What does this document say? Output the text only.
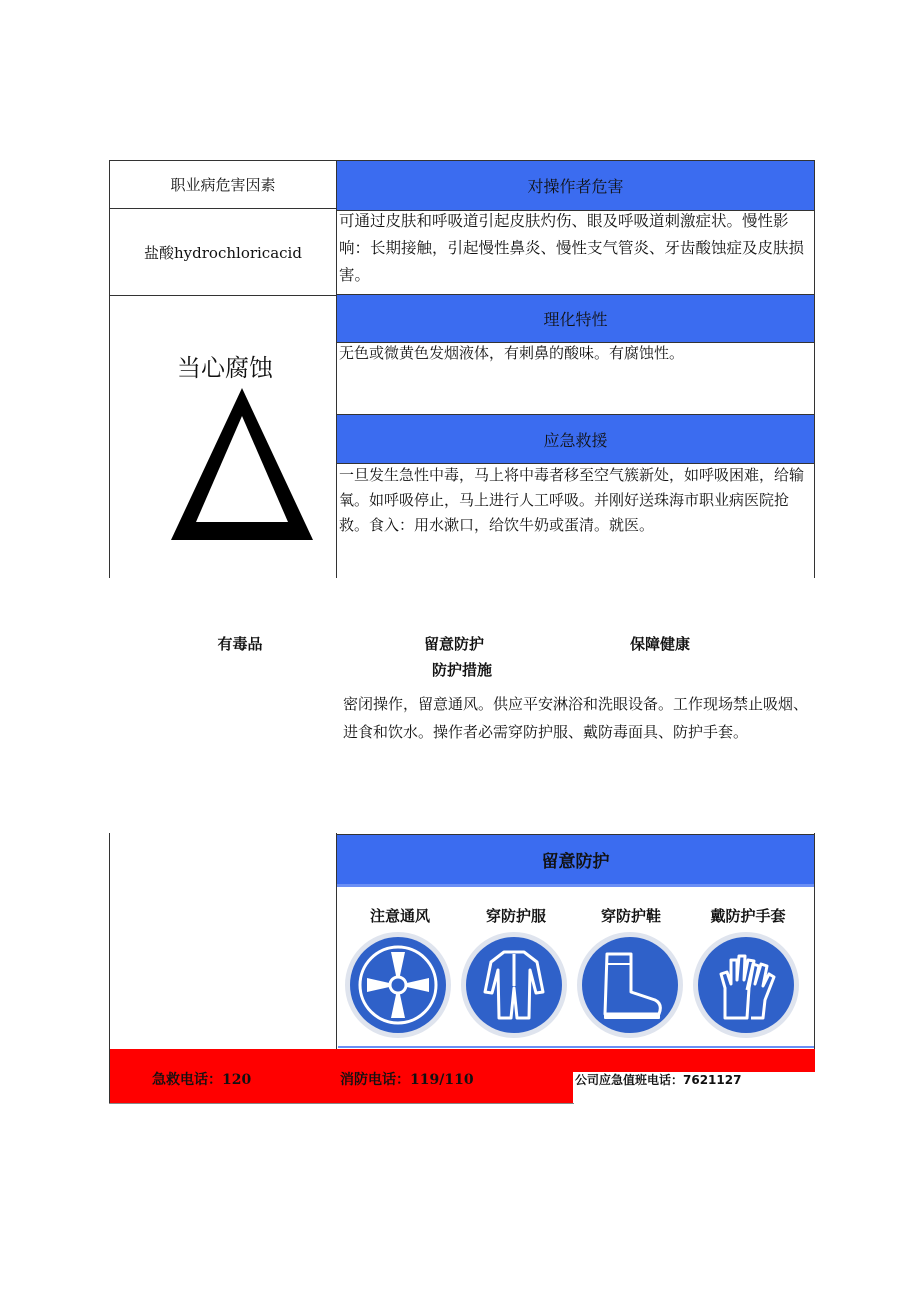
职业病危害因素	对操作者危害
盐酸hydrochloricacid
可通过皮肤和呼吸道引起皮肤灼伤、眼及呼吸道刺激症状。慢性影响：长期接触，引起慢性鼻炎、慢性支气管炎、牙齿酸蚀症及皮肤损害。
理化特性
无色或微黄色发烟液体，有刺鼻的酸味。有腐蚀性。
应急救援
一旦发生急性中毒，马上将中毒者移至空气簇新处，如呼吸困难，给输氧。如呼吸停止，马上进行人工呼吸。并刚好送珠海市职业病医院抢救。食入：用水漱口，给饮牛奶或蛋清。就医。
当心腐蚀
有毒品	留意防护	保障健康
防护措施
密闭操作，留意通风。供应平安淋浴和洗眼设备。工作现场禁止吸烟、进食和饮水。操作者必需穿防护服、戴防毒面具、防护手套。
留意防护
注意通风	穿防护服	穿防护鞋	戴防护手套
急救电话：120	消防电话：119/110	公司应急值班电话：7621127
